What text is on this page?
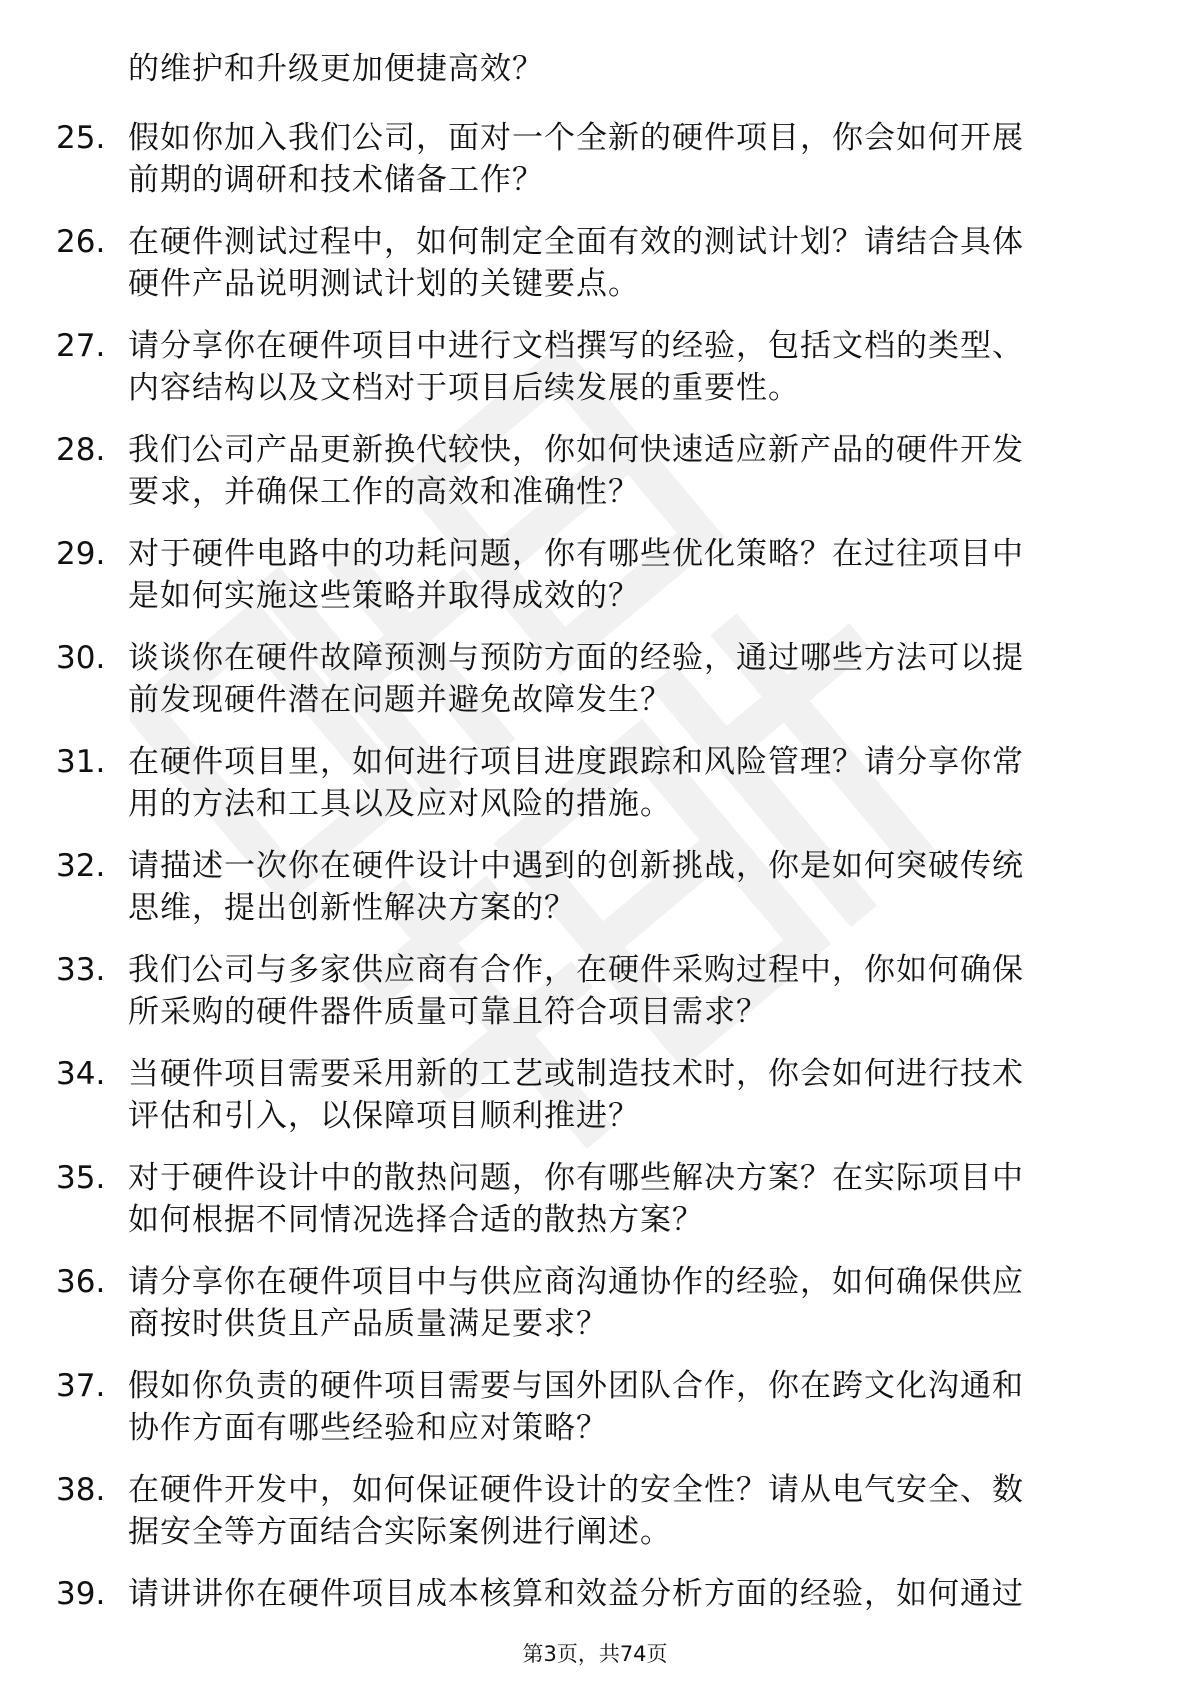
的维护和升级更加便捷高效？
25. 假如你加入我们公司，面对一个全新的硬件项目，你会如何开展
前期的调研和技术储备工作？
26. 在硬件测试过程中，如何制定全面有效的测试计划？请结合具体
硬件产品说明测试计划的关键要点。
27. 请分享你在硬件项目中进行文档撰写的经验，包括文档的类型、
内容结构以及文档对于项目后续发展的重要性。
28. 我们公司产品更新换代较快，你如何快速适应新产品的硬件开发
要求，并确保工作的高效和准确性？
29. 对于硬件电路中的功耗问题，你有哪些优化策略？在过往项目中
是如何实施这些策略并取得成效的？
30. 谈谈你在硬件故障预测与预防方面的经验，通过哪些方法可以提
前发现硬件潜在问题并避免故障发生？
31. 在硬件项目里，如何进行项目进度跟踪和风险管理？请分享你常
用的方法和工具以及应对风险的措施。
32. 请描述一次你在硬件设计中遇到的创新挑战，你是如何突破传统
思维，提出创新性解决方案的？
33. 我们公司与多家供应商有合作，在硬件采购过程中，你如何确保
所采购的硬件器件质量可靠且符合项目需求？
34. 当硬件项目需要采用新的工艺或制造技术时，你会如何进行技术
评估和引入，以保障项目顺利推进？
35. 对于硬件设计中的散热问题，你有哪些解决方案？在实际项目中
如何根据不同情况选择合适的散热方案？
36. 请分享你在硬件项目中与供应商沟通协作的经验，如何确保供应
商按时供货且产品质量满足要求？
37. 假如你负责的硬件项目需要与国外团队合作，你在跨文化沟通和
协作方面有哪些经验和应对策略？
38. 在硬件开发中，如何保证硬件设计的安全性？请从电气安全、数
据安全等方面结合实际案例进行阐述。
39. 请讲讲你在硬件项目成本核算和效益分析方面的经验，如何通过
第3页，共74页
